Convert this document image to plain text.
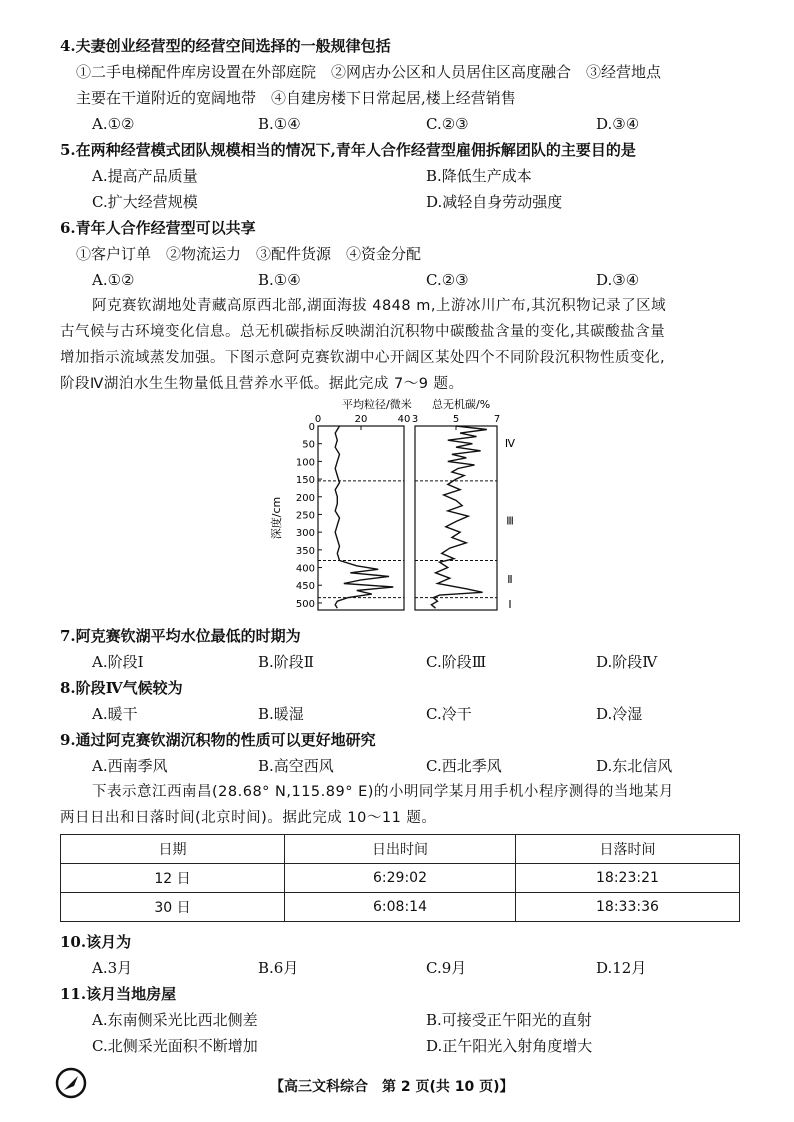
4.夫妻创业经营型的经营空间选择的一般规律包括
①二手电梯配件库房设置在外部庭院　②网店办公区和人员居住区高度融合　③经营地点
主要在干道附近的宽阔地带　④自建房楼下日常起居,楼上经营销售
A.①②	B.①④	C.②③	D.③④
5.在两种经营模式团队规模相当的情况下,青年人合作经营型雇佣拆解团队的主要目的是
A.提高产品质量	B.降低生产成本
C.扩大经营规模	D.减轻自身劳动强度
6.青年人合作经营型可以共享
①客户订单　②物流运力　③配件货源　④资金分配
A.①②	B.①④	C.②③	D.③④
阿克赛钦湖地处青藏高原西北部,湖面海拔 4848 m,上游冰川广布,其沉积物记录了区域
古气候与古环境变化信息。总无机碳指标反映湖泊沉积物中碳酸盐含量的变化,其碳酸盐含量
增加指示流域蒸发加强。下图示意阿克赛钦湖中心开阔区某处四个不同阶段沉积物性质变化,
阶段Ⅳ湖泊水生生物量低且营养水平低。据此完成 7～9 题。
深度/cm
0
50
100
150
200
250
300
350
400
450
500
平均粒径/微米
0	20	40
总无机碳/%
3	5	7
Ⅳ
Ⅲ
Ⅱ
Ⅰ
7.阿克赛钦湖平均水位最低的时期为
A.阶段Ⅰ	B.阶段Ⅱ	C.阶段Ⅲ	D.阶段Ⅳ
8.阶段Ⅳ气候较为
A.暖干	B.暖湿	C.冷干	D.冷湿
9.通过阿克赛钦湖沉积物的性质可以更好地研究
A.西南季风	B.高空西风	C.西北季风	D.东北信风
下表示意江西南昌(28.68° N,115.89° E)的小明同学某月用手机小程序测得的当地某月
两日日出和日落时间(北京时间)。据此完成 10～11 题。
日期	日出时间	日落时间
12 日	6:29:02	18:23:21
30 日	6:08:14	18:33:36
10.该月为
A.3月	B.6月	C.9月	D.12月
11.该月当地房屋
A.东南侧采光比西北侧差	B.可接受正午阳光的直射
C.北侧采光面积不断增加	D.正午阳光入射角度增大
【高三文科综合　第 2 页(共 10 页)】
